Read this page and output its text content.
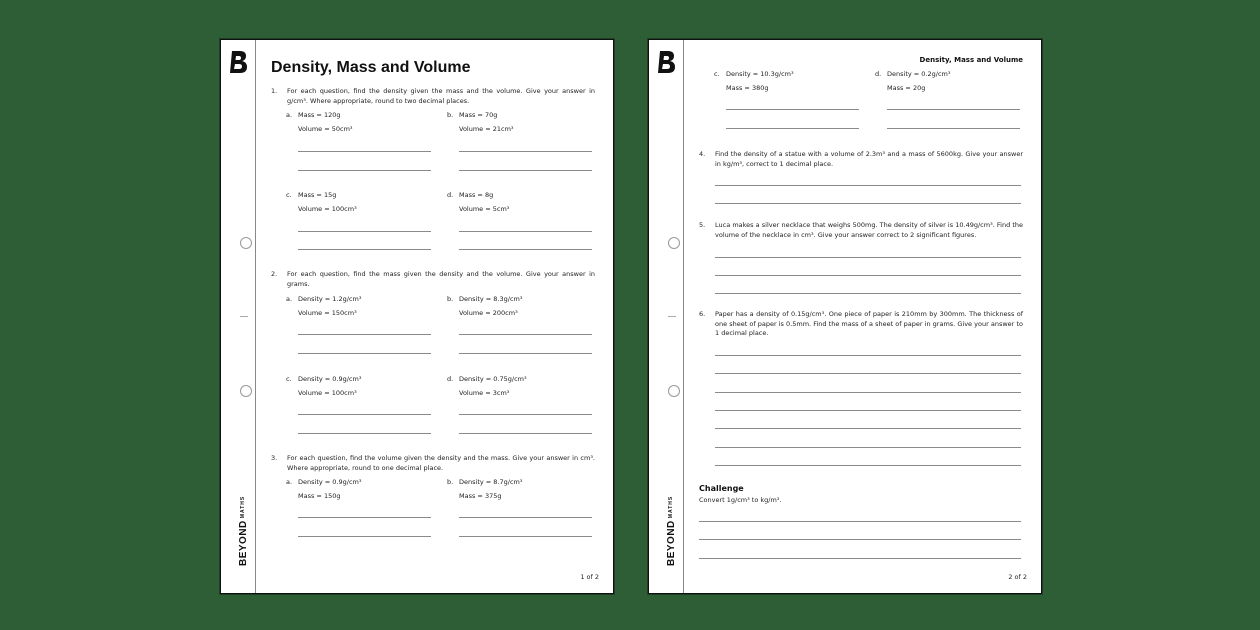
BEYONDMATHS
Density, Mass and Volume
1. For each question, find the density given the mass and the volume. Give your answer in g/cm³. Where appropriate, round to two decimal places.
a. Mass = 120g
Volume = 50cm³
b. Mass = 70g
Volume = 21cm³
c. Mass = 15g
Volume = 100cm³
d. Mass = 8g
Volume = 5cm³
2. For each question, find the mass given the density and the volume. Give your answer in grams.
a. Density = 1.2g/cm³
Volume = 150cm³
b. Density = 8.3g/cm³
Volume = 200cm³
c. Density = 0.9g/cm³
Volume = 100cm³
d. Density = 0.75g/cm³
Volume = 3cm³
3. For each question, find the volume given the density and the mass. Give your answer in cm³. Where appropriate, round to one decimal place.
a. Density = 0.9g/cm³
Mass = 150g
b. Density = 8.7g/cm³
Mass = 375g
1 of 2
BEYONDMATHS
Density, Mass and Volume
c. Density = 10.3g/cm³
Mass = 380g
d. Density = 0.2g/cm³
Mass = 20g
4. Find the density of a statue with a volume of 2.3m³ and a mass of 5600kg. Give your answer in kg/m³, correct to 1 decimal place.
5. Luca makes a silver necklace that weighs 500mg. The density of silver is 10.49g/cm³. Find the volume of the necklace in cm³. Give your answer correct to 2 significant figures.
6. Paper has a density of 0.15g/cm³. One piece of paper is 210mm by 300mm. The thickness of one sheet of paper is 0.5mm. Find the mass of a sheet of paper in grams. Give your answer to 1 decimal place.
Challenge
Convert 1g/cm³ to kg/m³.
2 of 2
